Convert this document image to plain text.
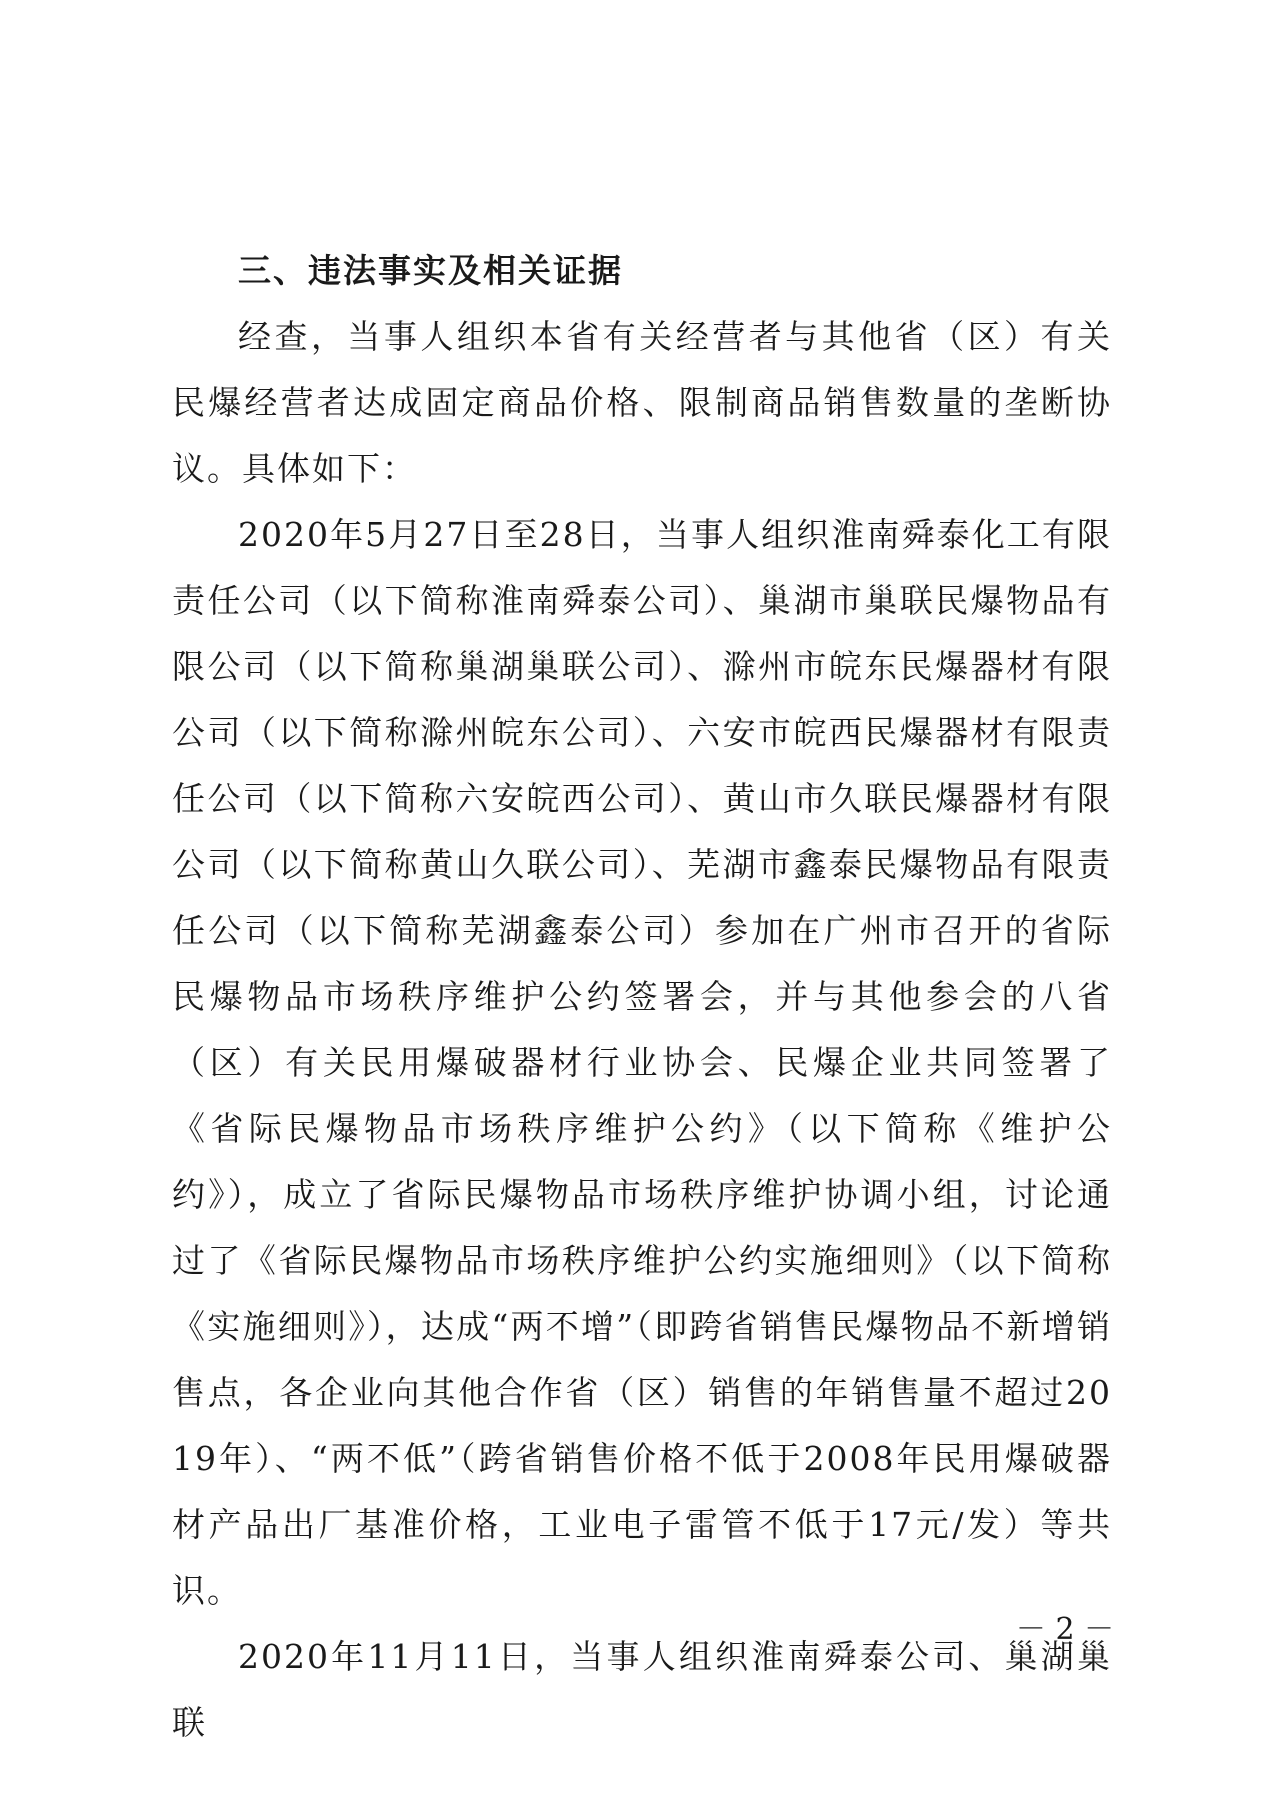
三、违法事实及相关证据

经查，当事人组织本省有关经营者与其他省（区）有关民爆经营者达成固定商品价格、限制商品销售数量的垄断协议。具体如下：

2020年5月27日至28日，当事人组织淮南舜泰化工有限责任公司（以下简称淮南舜泰公司）、巢湖市巢联民爆物品有限公司（以下简称巢湖巢联公司）、滁州市皖东民爆器材有限公司（以下简称滁州皖东公司）、六安市皖西民爆器材有限责任公司（以下简称六安皖西公司）、黄山市久联民爆器材有限公司（以下简称黄山久联公司）、芜湖市鑫泰民爆物品有限责任公司（以下简称芜湖鑫泰公司）参加在广州市召开的省际民爆物品市场秩序维护公约签署会，并与其他参会的八省（区）有关民用爆破器材行业协会、民爆企业共同签署了《省际民爆物品市场秩序维护公约》（以下简称《维护公约》），成立了省际民爆物品市场秩序维护协调小组，讨论通过了《省际民爆物品市场秩序维护公约实施细则》（以下简称《实施细则》），达成“两不增”（即跨省销售民爆物品不新增销售点，各企业向其他合作省（区）销售的年销售量不超过2019年）、“两不低”（跨省销售价格不低于2008年民用爆破器材产品出厂基准价格，工业电子雷管不低于17元/发）等共识。

2020年11月11日，当事人组织淮南舜泰公司、巢湖巢联

－ 2 －
